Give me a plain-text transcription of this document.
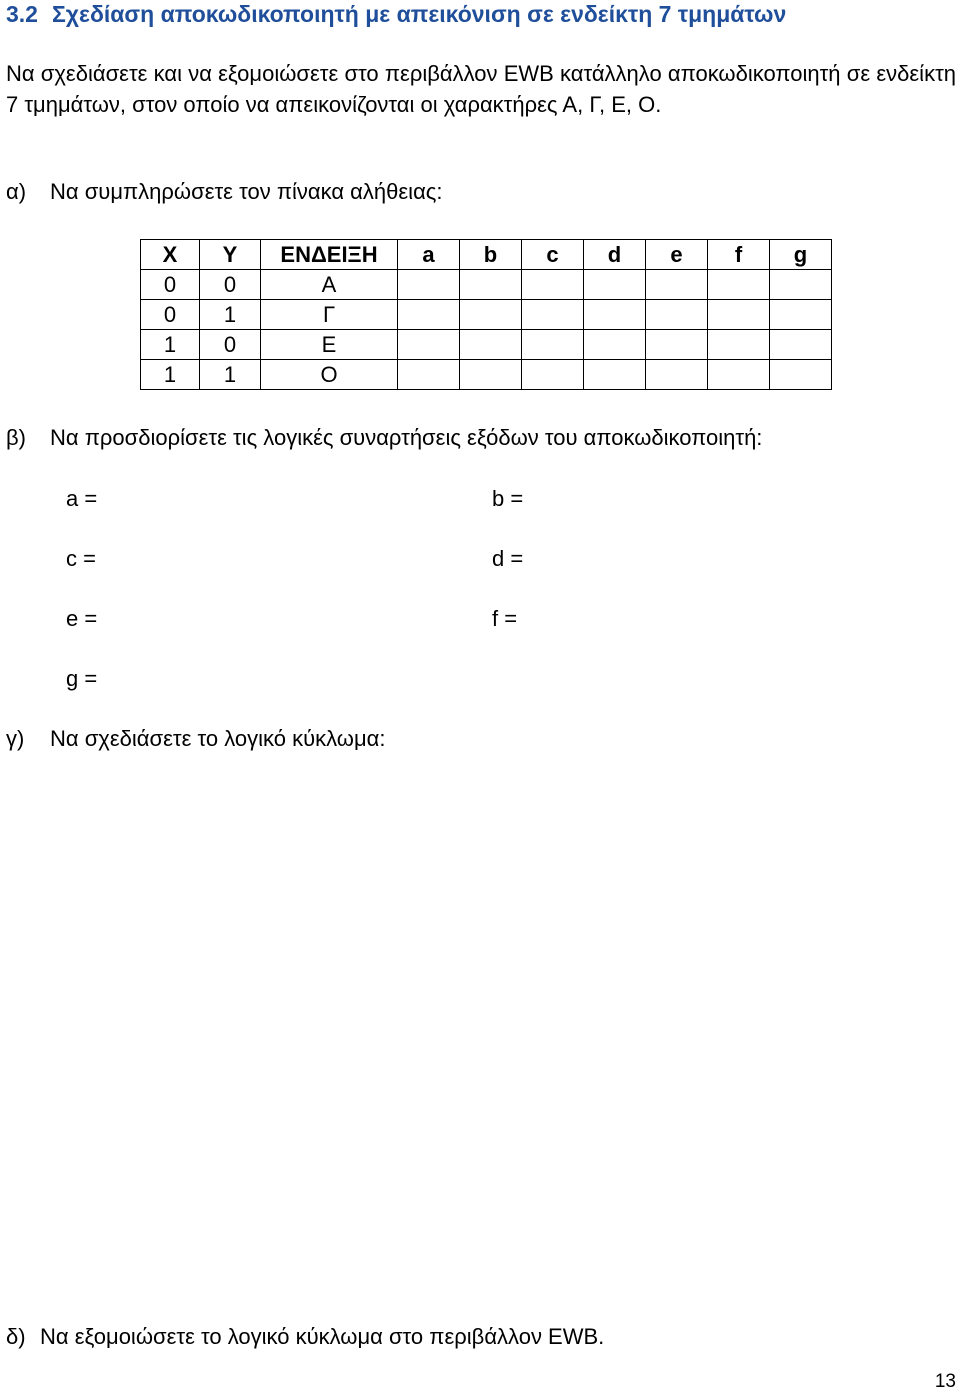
3.2 Σχεδίαση αποκωδικοποιητή με απεικόνιση σε ενδείκτη 7 τμημάτων
Να σχεδιάσετε και να εξομοιώσετε στο περιβάλλον EWB κατάλληλο αποκωδικοποιητή σε ενδείκτη 7 τμημάτων, στον οποίο να απεικονίζονται οι χαρακτήρες Α, Γ, Ε, Ο.
α) Να συμπληρώσετε τον πίνακα αλήθειας:
X	Y	ΕΝΔΕΙΞΗ	a	b	c	d	e	f	g
0	0	Α							
0	1	Γ							
1	0	Ε							
1	1	Ο							
β) Να προσδιορίσετε τις λογικές συναρτήσεις εξόδων του αποκωδικοποιητή:
a =	b =
c =	d =
e =	f =
g =
γ) Να σχεδιάσετε το λογικό κύκλωμα:
δ) Να εξομοιώσετε το λογικό κύκλωμα στο περιβάλλον EWB.
13
